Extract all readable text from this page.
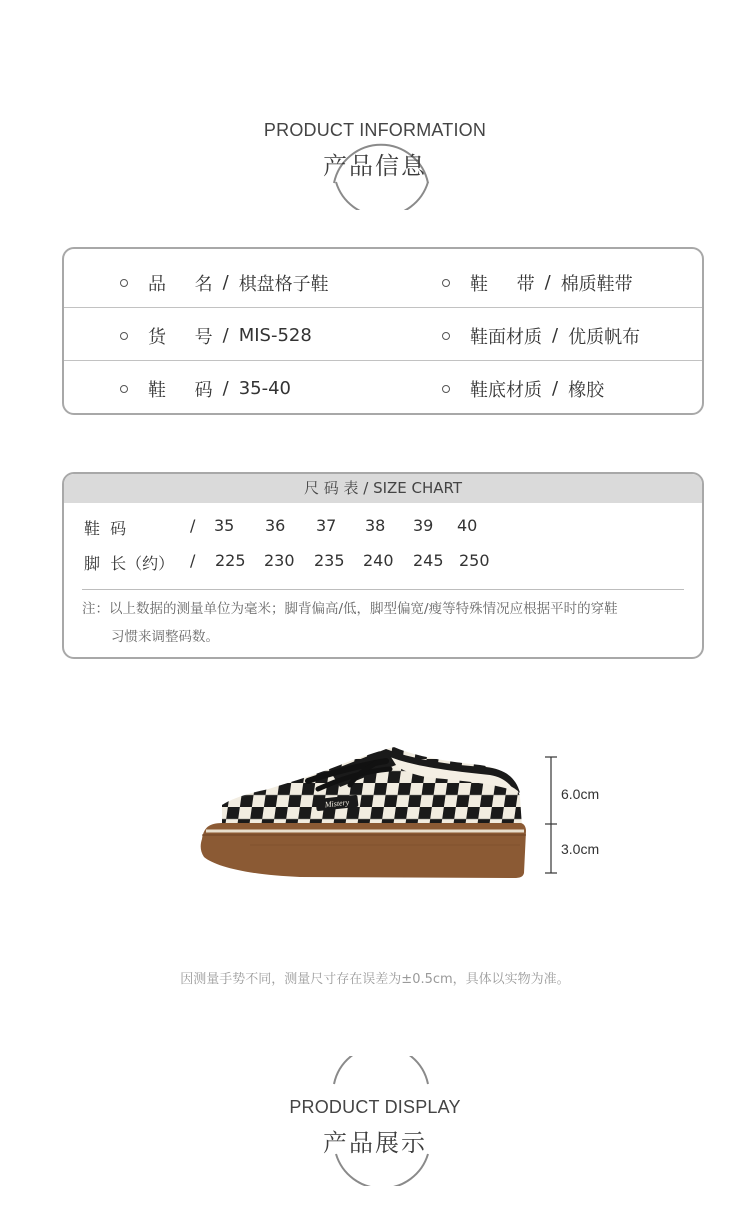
PRODUCT INFORMATION
产品信息
品     名 / 棋盘格子鞋	鞋     带 / 棉质鞋带
货     号 / MIS-528	鞋面材质 / 优质帆布
鞋     码 / 35-40	鞋底材质 / 橡胶
尺 码 表 / SIZE CHART
鞋  码	/ 35 36 37 38 39 40
脚  长（约） / 225 230 235 240 245 250
注：以上数据的测量单位为毫米；脚背偏高/低，脚型偏宽/瘦等特殊情况应根据平时的穿鞋
习惯来调整码数。
Mistery
6.0cm
3.0cm
因测量手势不同，测量尺寸存在误差为±0.5cm，具体以实物为准。
PRODUCT DISPLAY
产品展示
